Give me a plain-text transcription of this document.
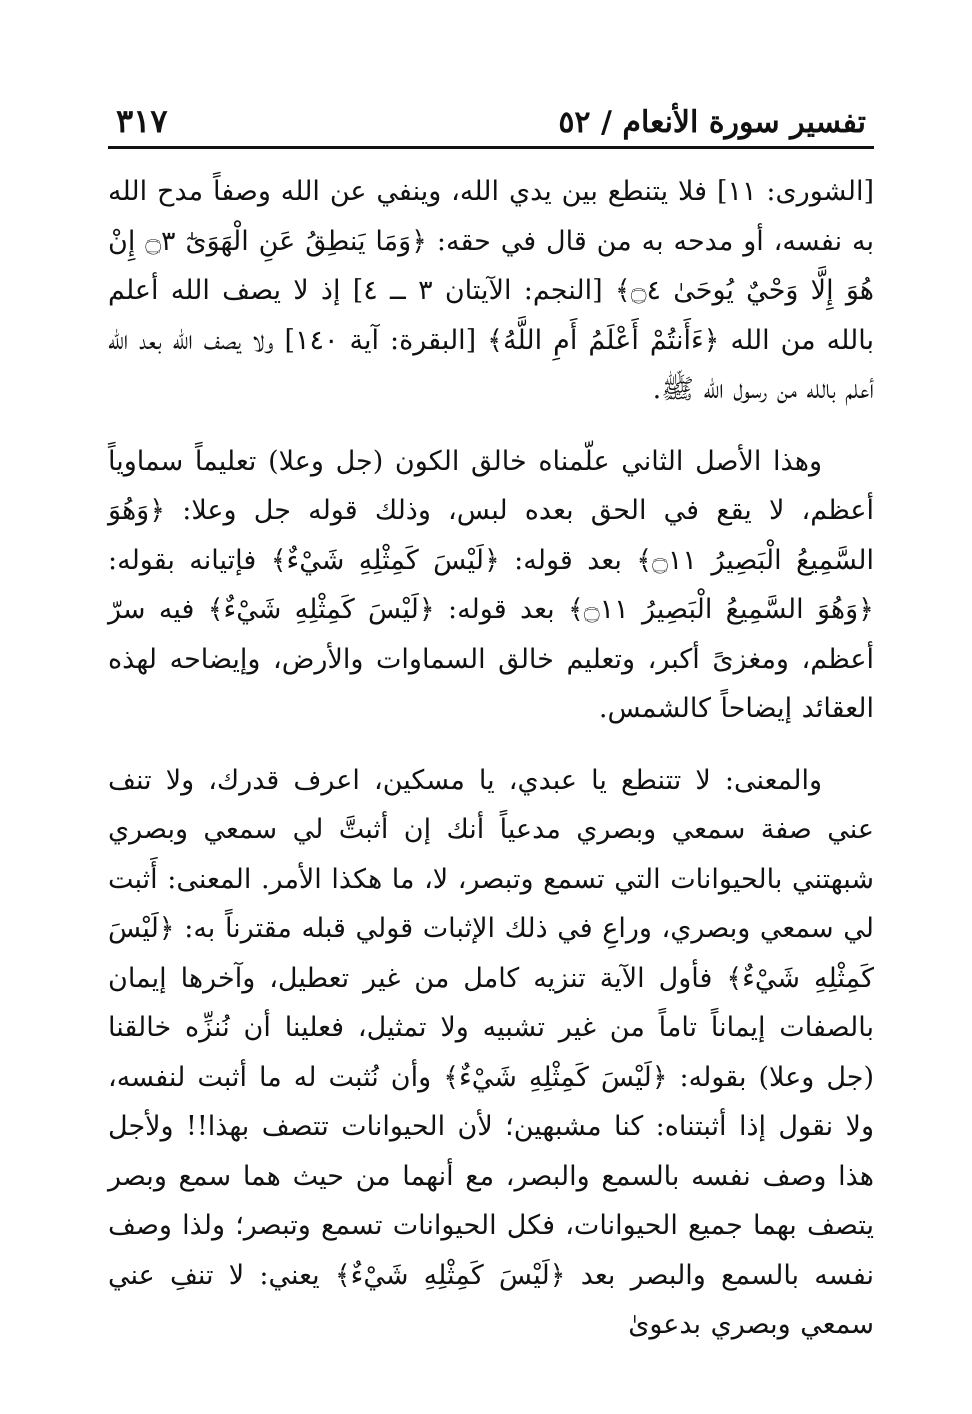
تفسير سورة الأنعام / ٥٢
٣١٧

[الشورى: ١١] فلا يتنطع بين يدي الله، وينفي عن الله وصفاً مدح الله به نفسه، أو مدحه به من قال في حقه: ﴿وَمَا يَنطِقُ عَنِ الْهَوَىٰٓ ۝٣ إِنْ هُوَ إِلَّا وَحْيٌ يُوحَىٰ ۝٤﴾ [النجم: الآيتان ٣ ــ ٤] إذ لا يصف الله أعلم بالله من الله ﴿ءَأَنتُمْ أَعْلَمُ أَمِ اللَّهُ﴾ [البقرة: آية ١٤٠] ولا يصف الله بعد الله أعلم بالله من رسول الله ﷺ.

وهذا الأصل الثاني علّمناه خالق الكون (جل وعلا) تعليماً سماوياً أعظم، لا يقع في الحق بعده لبس، وذلك قوله جل وعلا: ﴿وَهُوَ السَّمِيعُ الْبَصِيرُ ۝١١﴾ بعد قوله: ﴿لَيْسَ كَمِثْلِهِ شَيْءٌ﴾ فإتيانه بقوله: ﴿وَهُوَ السَّمِيعُ الْبَصِيرُ ۝١١﴾ بعد قوله: ﴿لَيْسَ كَمِثْلِهِ شَيْءٌ﴾ فيه سرّ أعظم، ومغزىً أكبر، وتعليم خالق السماوات والأرض، وإيضاحه لهذه العقائد إيضاحاً كالشمس.

والمعنى: لا تتنطع يا عبدي، يا مسكين، اعرف قدرك، ولا تنف عني صفة سمعي وبصري مدعياً أنك إن أثبتَّ لي سمعي وبصري شبهتني بالحيوانات التي تسمع وتبصر، لا، ما هكذا الأمر. المعنى: أَثبت لي سمعي وبصري، وراعِ في ذلك الإثبات قولي قبله مقترناً به: ﴿لَيْسَ كَمِثْلِهِ شَيْءٌ﴾ فأول الآية تنزيه كامل من غير تعطيل، وآخرها إيمان بالصفات إيماناً تاماً من غير تشبيه ولا تمثيل، فعلينا أن نُنزِّه خالقنا (جل وعلا) بقوله: ﴿لَيْسَ كَمِثْلِهِ شَيْءٌ﴾ وأن نُثبت له ما أثبت لنفسه، ولا نقول إذا أثبتناه: كنا مشبهين؛ لأن الحيوانات تتصف بهذا!! ولأجل هذا وصف نفسه بالسمع والبصر، مع أنهما من حيث هما سمع وبصر يتصف بهما جميع الحيوانات، فكل الحيوانات تسمع وتبصر؛ ولذا وصف نفسه بالسمع والبصر بعد ﴿لَيْسَ كَمِثْلِهِ شَيْءٌ﴾ يعني: لا تنفِ عني سمعي وبصري بدعوىٰ
